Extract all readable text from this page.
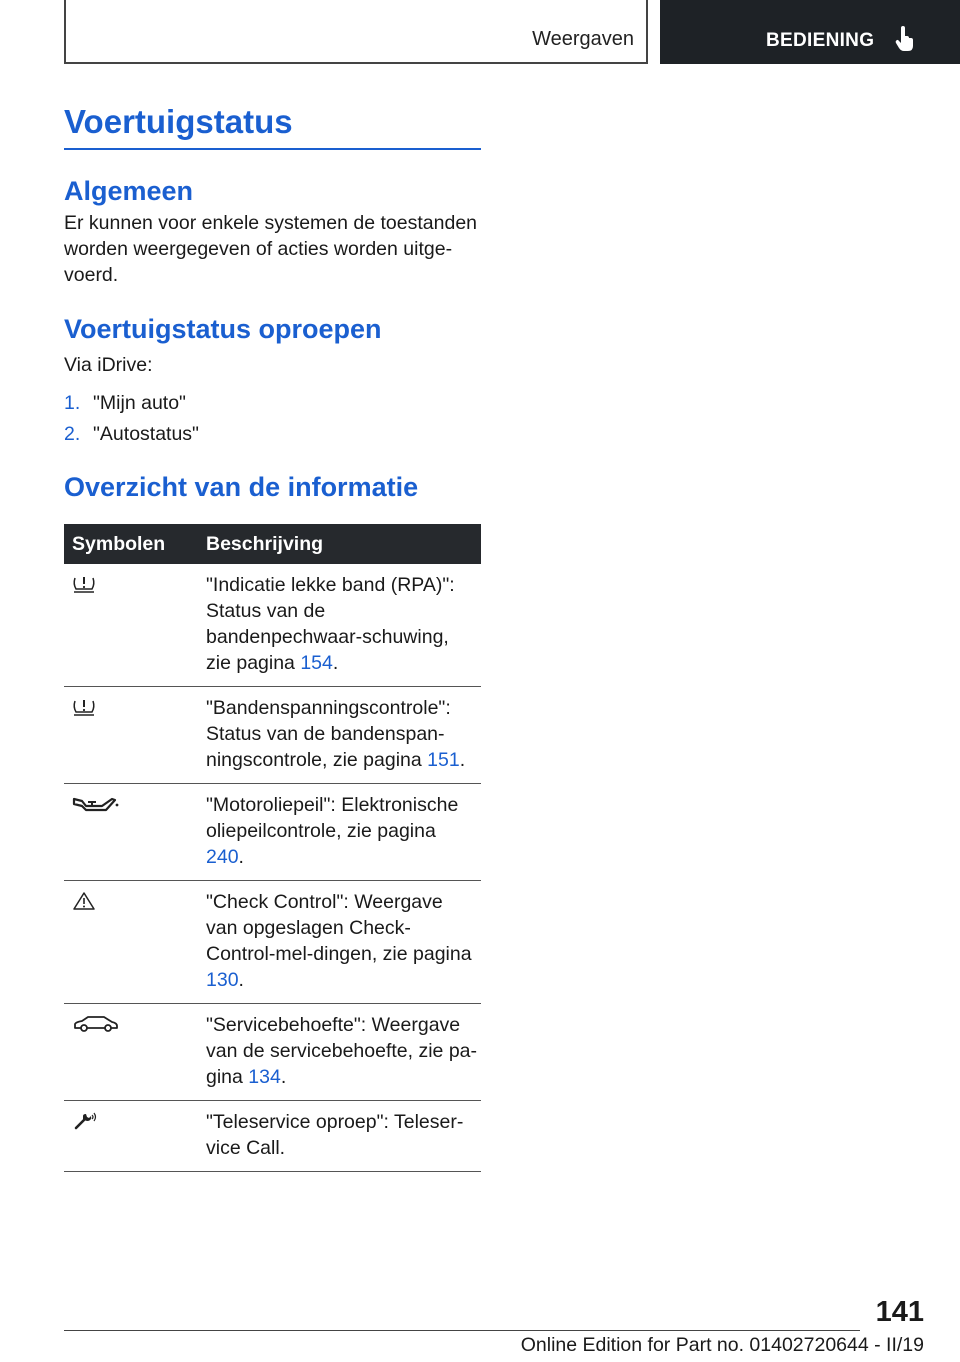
Weergaven	BEDIENING
Voertuigstatus
Algemeen

Er kunnen voor enkele systemen de toestanden worden weergegeven of acties worden uitge-voerd.

Voertuigstatus oproepen

Via iDrive:

1. "Mijn auto"
2. "Autostatus"
Overzicht van de informatie
Symbolen	Beschrijving

	"Indicatie lekke band (RPA)": Status van de bandenpechwaar-schuwing, zie pagina 154.

	"Bandenspanningscontrole": Status van de bandenspan-ningscontrole, zie pagina 151.

	"Motoroliepeil": Elektronische oliepeilcontrole, zie pagina 240.

	"Check Control": Weergave van opgeslagen Check-Control-mel-dingen, zie pagina 130.

	"Servicebehoefte": Weergave van de servicebehoefte, zie pa-gina 134.

	"Teleservice oproep": Teleser-vice Call.
141
Online Edition for Part no. 01402720644 - II/19
